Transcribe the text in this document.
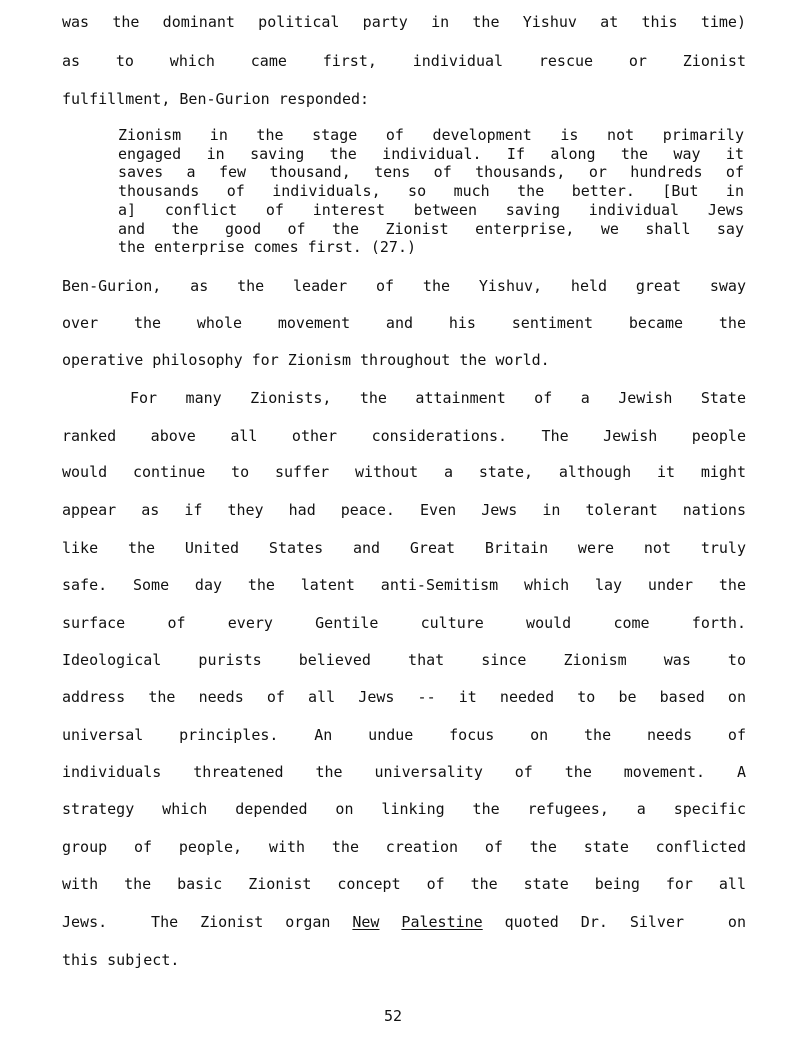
was the dominant political party in the Yishuv at this time)
as to which came first, individual rescue or Zionist
fulfillment, Ben-Gurion responded:
Zionism in the stage of development is not primarily
engaged in saving the individual. If along the way it
saves a few thousand, tens of thousands, or hundreds of
thousands of individuals, so much the better. [But in
a] conflict of interest between saving individual Jews
and the good of the Zionist enterprise, we shall say
the enterprise comes first. (27.)
Ben-Gurion, as the leader of the Yishuv, held great sway
over the whole movement and his sentiment became the
operative philosophy for Zionism throughout the world.
For many Zionists, the attainment of a Jewish State
ranked above all other considerations. The Jewish people
would continue to suffer without a state, although it might
appear as if they had peace. Even Jews in tolerant nations
like the United States and Great Britain were not truly
safe. Some day the latent anti-Semitism which lay under the
surface of every Gentile culture would come forth.
Ideological purists believed that since Zionism was to
address the needs of all Jews -- it needed to be based on
universal principles. An undue focus on the needs of
individuals threatened the universality of the movement. A
strategy which depended on linking the refugees, a specific
group of people, with the creation of the state conflicted
with the basic Zionist concept of the state being for all
Jews.  The Zionist organ New Palestine quoted Dr. Silver  on
this subject.
52
